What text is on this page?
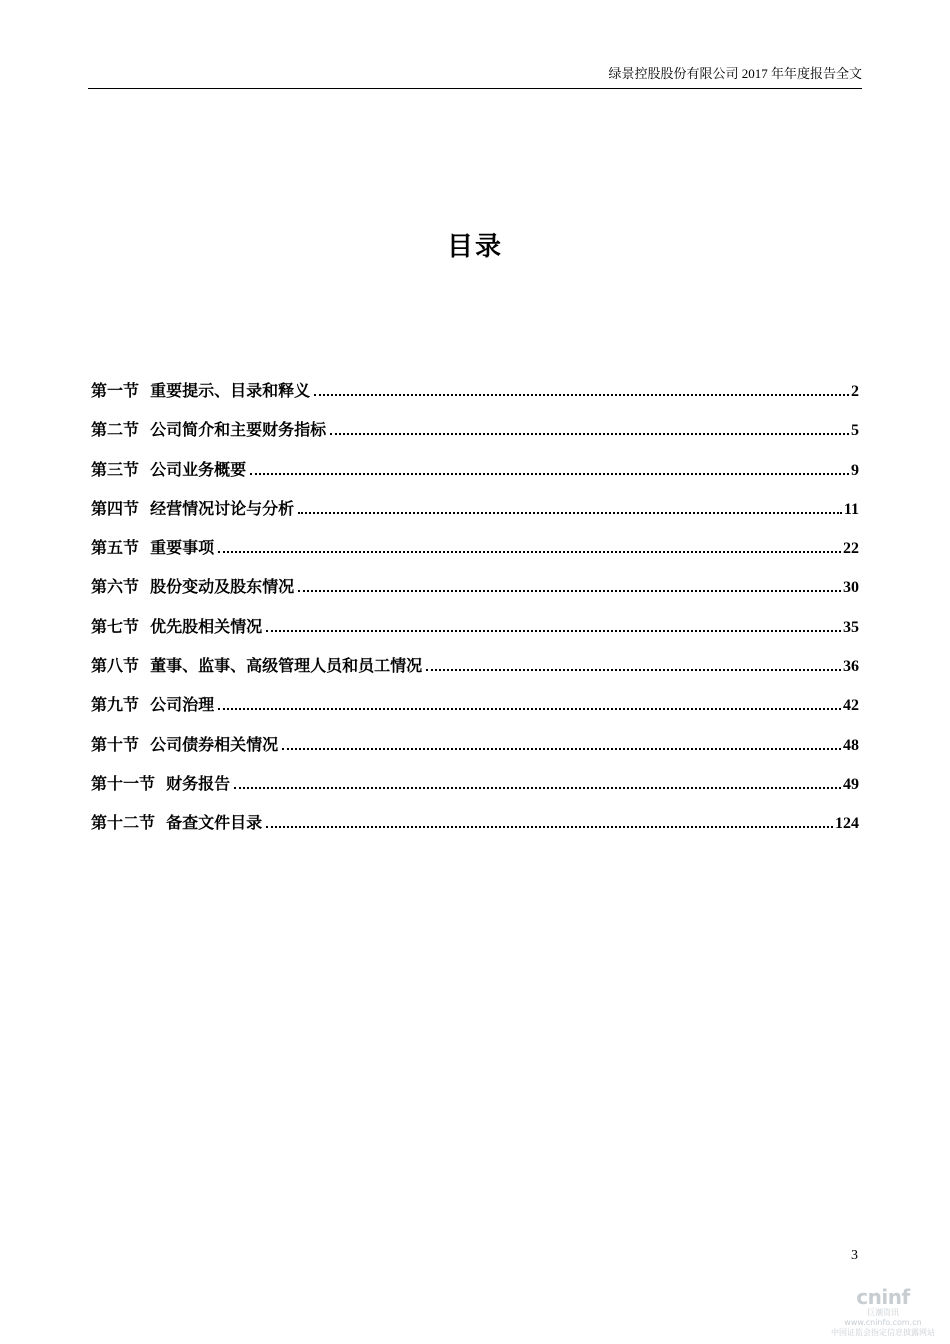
绿景控股股份有限公司 2017 年年度报告全文
目录
第一节  重要提示、目录和释义	2
第二节  公司简介和主要财务指标	5
第三节  公司业务概要	9
第四节  经营情况讨论与分析	11
第五节  重要事项	22
第六节  股份变动及股东情况	30
第七节  优先股相关情况	35
第八节  董事、监事、高级管理人员和员工情况	36
第九节  公司治理	42
第十节  公司债券相关情况	48
第十一节  财务报告	49
第十二节  备查文件目录	124
3
cninf
巨潮资讯
www.cninfo.com.cn
中国证监会指定信息披露网站
